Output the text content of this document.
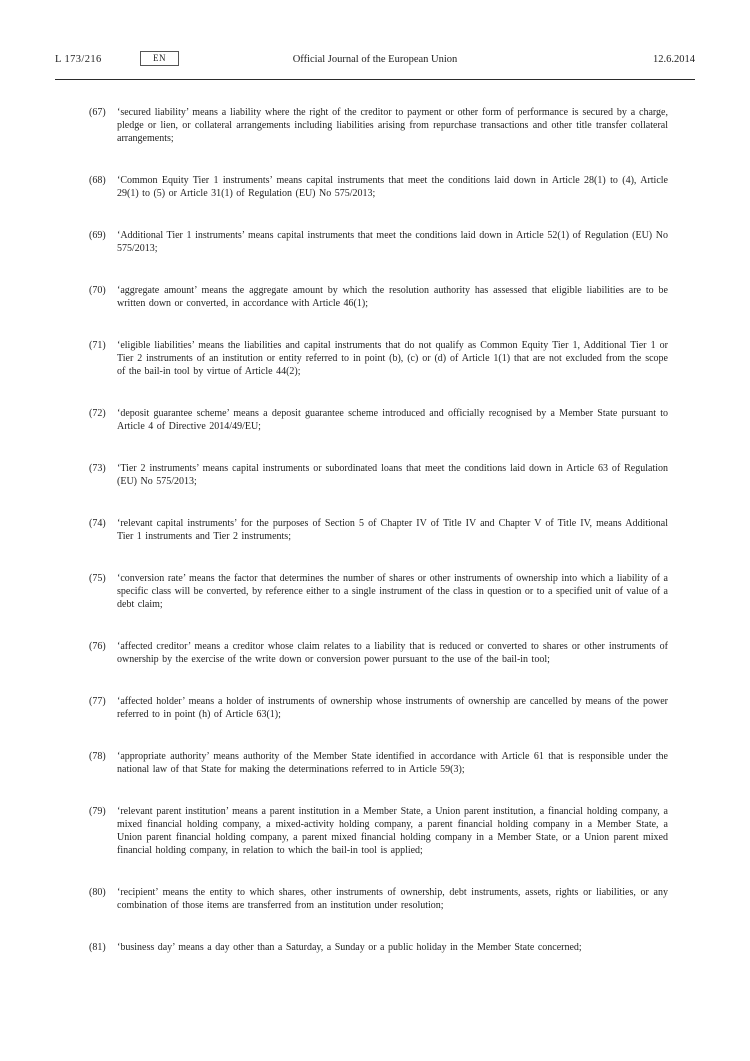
L 173/216	EN	Official Journal of the European Union	12.6.2014
(67) ‘secured liability’ means a liability where the right of the creditor to payment or other form of performance is secured by a charge, pledge or lien, or collateral arrangements including liabilities arising from repurchase transactions and other title transfer collateral arrangements;
(68) ‘Common Equity Tier 1 instruments’ means capital instruments that meet the conditions laid down in Article 28(1) to (4), Article 29(1) to (5) or Article 31(1) of Regulation (EU) No 575/2013;
(69) ‘Additional Tier 1 instruments’ means capital instruments that meet the conditions laid down in Article 52(1) of Regulation (EU) No 575/2013;
(70) ‘aggregate amount’ means the aggregate amount by which the resolution authority has assessed that eligible liabilities are to be written down or converted, in accordance with Article 46(1);
(71) ‘eligible liabilities’ means the liabilities and capital instruments that do not qualify as Common Equity Tier 1, Additional Tier 1 or Tier 2 instruments of an institution or entity referred to in point (b), (c) or (d) of Article 1(1) that are not excluded from the scope of the bail-in tool by virtue of Article 44(2);
(72) ‘deposit guarantee scheme’ means a deposit guarantee scheme introduced and officially recognised by a Member State pursuant to Article 4 of Directive 2014/49/EU;
(73) ‘Tier 2 instruments’ means capital instruments or subordinated loans that meet the conditions laid down in Article 63 of Regulation (EU) No 575/2013;
(74) ‘relevant capital instruments’ for the purposes of Section 5 of Chapter IV of Title IV and Chapter V of Title IV, means Additional Tier 1 instruments and Tier 2 instruments;
(75) ‘conversion rate’ means the factor that determines the number of shares or other instruments of ownership into which a liability of a specific class will be converted, by reference either to a single instrument of the class in question or to a specified unit of value of a debt claim;
(76) ‘affected creditor’ means a creditor whose claim relates to a liability that is reduced or converted to shares or other instruments of ownership by the exercise of the write down or conversion power pursuant to the use of the bail-in tool;
(77) ‘affected holder’ means a holder of instruments of ownership whose instruments of ownership are cancelled by means of the power referred to in point (h) of Article 63(1);
(78) ‘appropriate authority’ means authority of the Member State identified in accordance with Article 61 that is responsible under the national law of that State for making the determinations referred to in Article 59(3);
(79) ‘relevant parent institution’ means a parent institution in a Member State, a Union parent institution, a financial holding company, a mixed financial holding company, a mixed-activity holding company, a parent financial holding company in a Member State, a Union parent financial holding company, a parent mixed financial holding company in a Member State, or a Union parent mixed financial holding company, in relation to which the bail-in tool is applied;
(80) ‘recipient’ means the entity to which shares, other instruments of ownership, debt instruments, assets, rights or liabilities, or any combination of those items are transferred from an institution under resolution;
(81) ‘business day’ means a day other than a Saturday, a Sunday or a public holiday in the Member State concerned;
